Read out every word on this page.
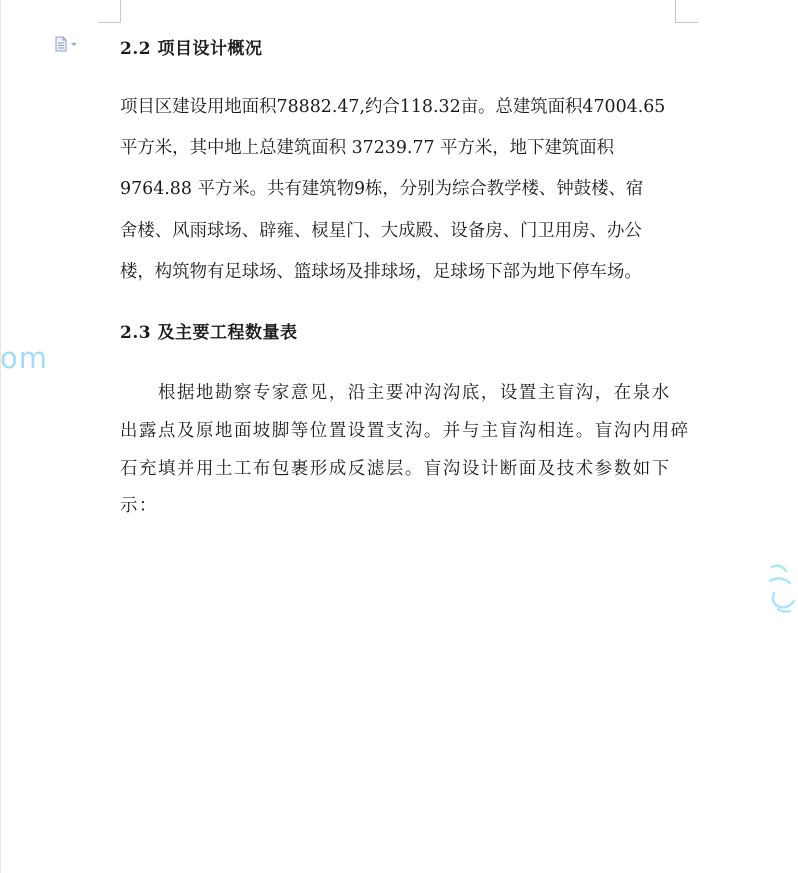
om
2.2 项目设计概况
项目区建设用地面积78882.47,约合118.32亩。总建筑面积47004.65
平方米，其中地上总建筑面积 37239.77 平方米，地下建筑面积
9764.88 平方米。共有建筑物9栋，分别为综合教学楼、钟鼓楼、宿
舍楼、风雨球场、辟雍、棂星门、大成殿、设备房、门卫用房、办公
楼，构筑物有足球场、篮球场及排球场，足球场下部为地下停车场。
2.3 及主要工程数量表
　　根据地勘察专家意见，沿主要冲沟沟底，设置主盲沟，在泉水
出露点及原地面坡脚等位置设置支沟。并与主盲沟相连。盲沟内用碎
石充填并用土工布包裹形成反滤层。盲沟设计断面及技术参数如下
示：
